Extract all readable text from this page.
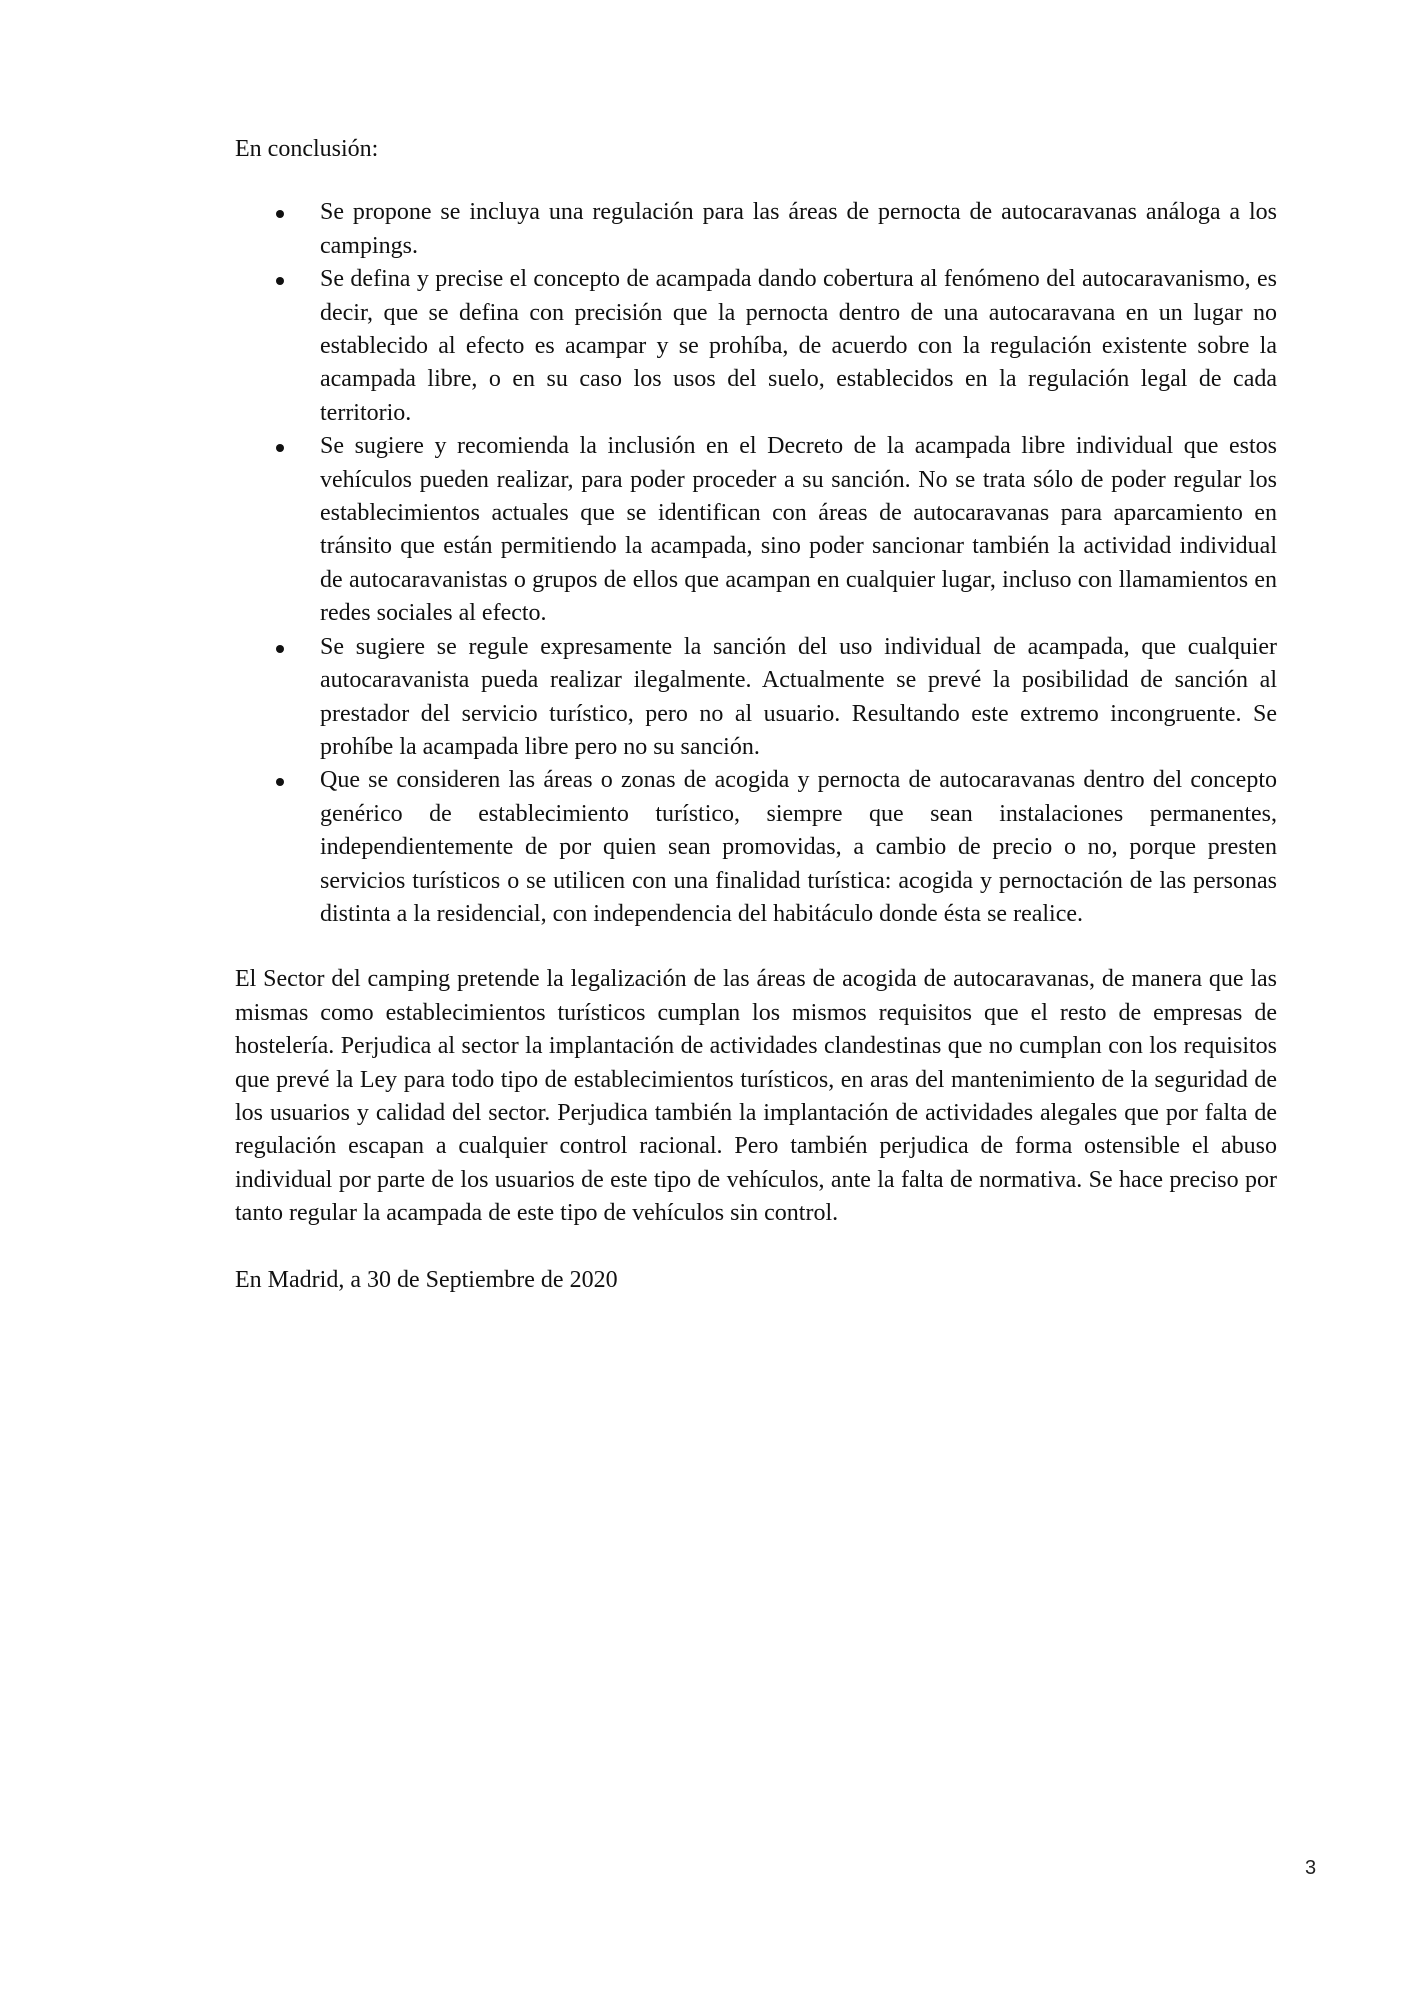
En conclusión:

Se propone se incluya una regulación para las áreas de pernocta de autocaravanas análoga a los campings.
Se defina y precise el concepto de acampada dando cobertura al fenómeno del autocaravanismo, es decir, que se defina con precisión que la pernocta dentro de una autocaravana en un lugar no establecido al efecto es acampar y se prohíba, de acuerdo con la regulación existente sobre la acampada libre, o en su caso los usos del suelo, establecidos en la regulación legal de cada territorio.
Se sugiere y recomienda la inclusión en el Decreto de la acampada libre individual que estos vehículos pueden realizar, para poder proceder a su sanción. No se trata sólo de poder regular los establecimientos actuales que se identifican con áreas de autocaravanas para aparcamiento en tránsito que están permitiendo la acampada, sino poder sancionar también la actividad individual de autocaravanistas o grupos de ellos que acampan en cualquier lugar, incluso con llamamientos en redes sociales al efecto.
Se sugiere se regule expresamente la sanción del uso individual de acampada, que cualquier autocaravanista pueda realizar ilegalmente. Actualmente se prevé la posibilidad de sanción al prestador del servicio turístico, pero no al usuario. Resultando este extremo incongruente. Se prohíbe la acampada libre pero no su sanción.
Que se consideren las áreas o zonas de acogida y pernocta de autocaravanas dentro del concepto genérico de establecimiento turístico, siempre que sean instalaciones permanentes, independientemente de por quien sean promovidas, a cambio de precio o no, porque presten servicios turísticos o se utilicen con una finalidad turística: acogida y pernoctación de las personas distinta a la residencial, con independencia del habitáculo donde ésta se realice.

El Sector del camping pretende la legalización de las áreas de acogida de autocaravanas, de manera que las mismas como establecimientos turísticos cumplan los mismos requisitos que el resto de empresas de hostelería. Perjudica al sector la implantación de actividades clandestinas que no cumplan con los requisitos que prevé la Ley para todo tipo de establecimientos turísticos, en aras del mantenimiento de la seguridad de los usuarios y calidad del sector. Perjudica también la implantación de actividades alegales que por falta de regulación escapan a cualquier control racional. Pero también perjudica de forma ostensible el abuso individual por parte de los usuarios de este tipo de vehículos, ante la falta de normativa. Se hace preciso por tanto regular la acampada de este tipo de vehículos sin control.

En Madrid, a 30 de Septiembre de 2020

3
